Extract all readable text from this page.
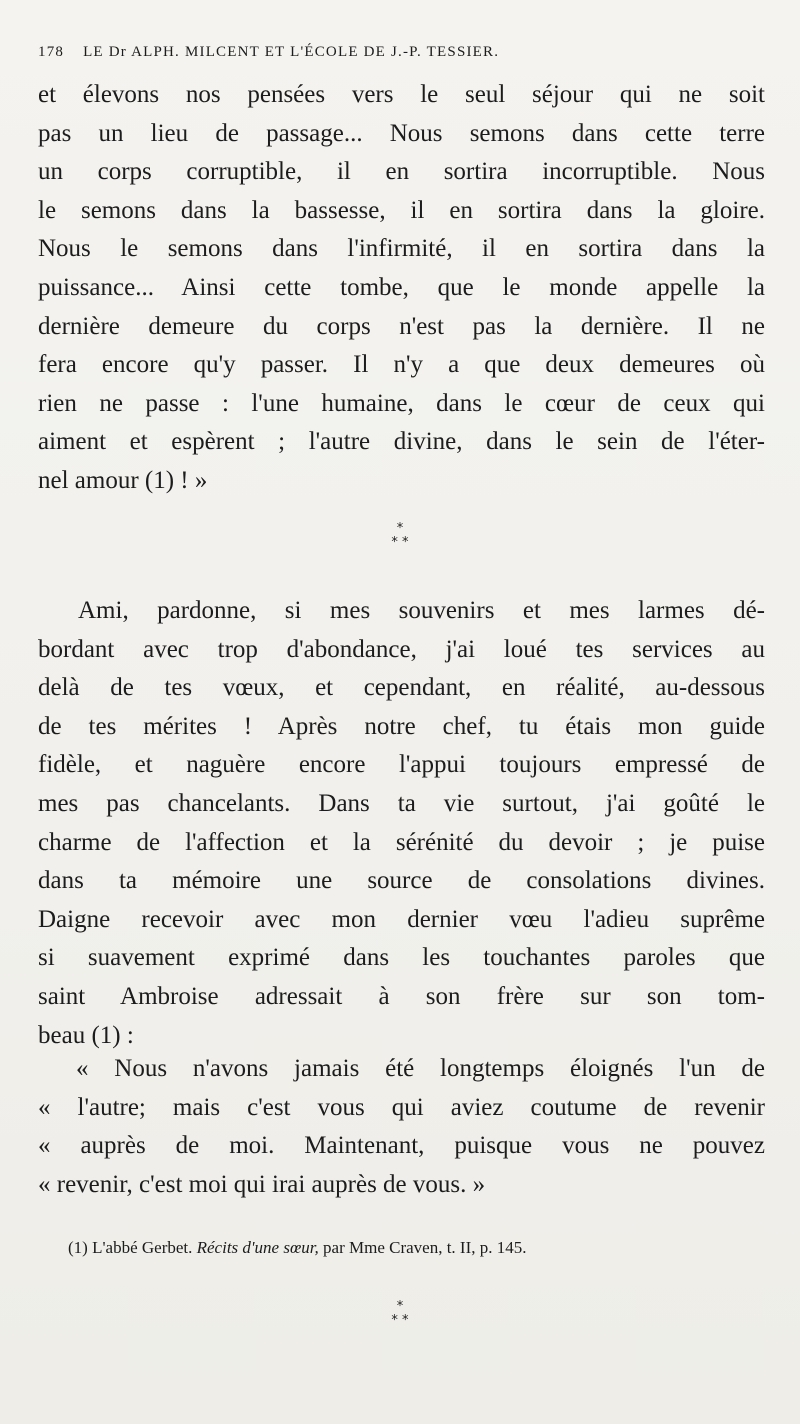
178 LE Dr ALPH. MILCENT ET L'ÉCOLE DE J.-P. TESSIER.
et élevons nos pensées vers le seul séjour qui ne soit
pas un lieu de passage... Nous semons dans cette terre
un corps corruptible, il en sortira incorruptible. Nous
le semons dans la bassesse, il en sortira dans la gloire.
Nous le semons dans l'infirmité, il en sortira dans la
puissance... Ainsi cette tombe, que le monde appelle la
dernière demeure du corps n'est pas la dernière. Il ne
fera encore qu'y passer. Il n'y a que deux demeures où
rien ne passe : l'une humaine, dans le cœur de ceux qui
aiment et espèrent ; l'autre divine, dans le sein de l'éter-
nel amour (1) ! »
*
* *
Ami, pardonne, si mes souvenirs et mes larmes dé-
bordant avec trop d'abondance, j'ai loué tes services au
delà de tes vœux, et cependant, en réalité, au-dessous
de tes mérites ! Après notre chef, tu étais mon guide
fidèle, et naguère encore l'appui toujours empressé de
mes pas chancelants. Dans ta vie surtout, j'ai goûté le
charme de l'affection et la sérénité du devoir ; je puise
dans ta mémoire une source de consolations divines.
Daigne recevoir avec mon dernier vœu l'adieu suprême
si suavement exprimé dans les touchantes paroles que
saint Ambroise adressait à son frère sur son tom-
beau (1) :
« Nous n'avons jamais été longtemps éloignés l'un de
« l'autre; mais c'est vous qui aviez coutume de revenir
« auprès de moi. Maintenant, puisque vous ne pouvez
« revenir, c'est moi qui irai auprès de vous. »
(1) L'abbé Gerbet. Récits d'une sœur, par Mme Craven, t. II, p. 145.
*
* *
